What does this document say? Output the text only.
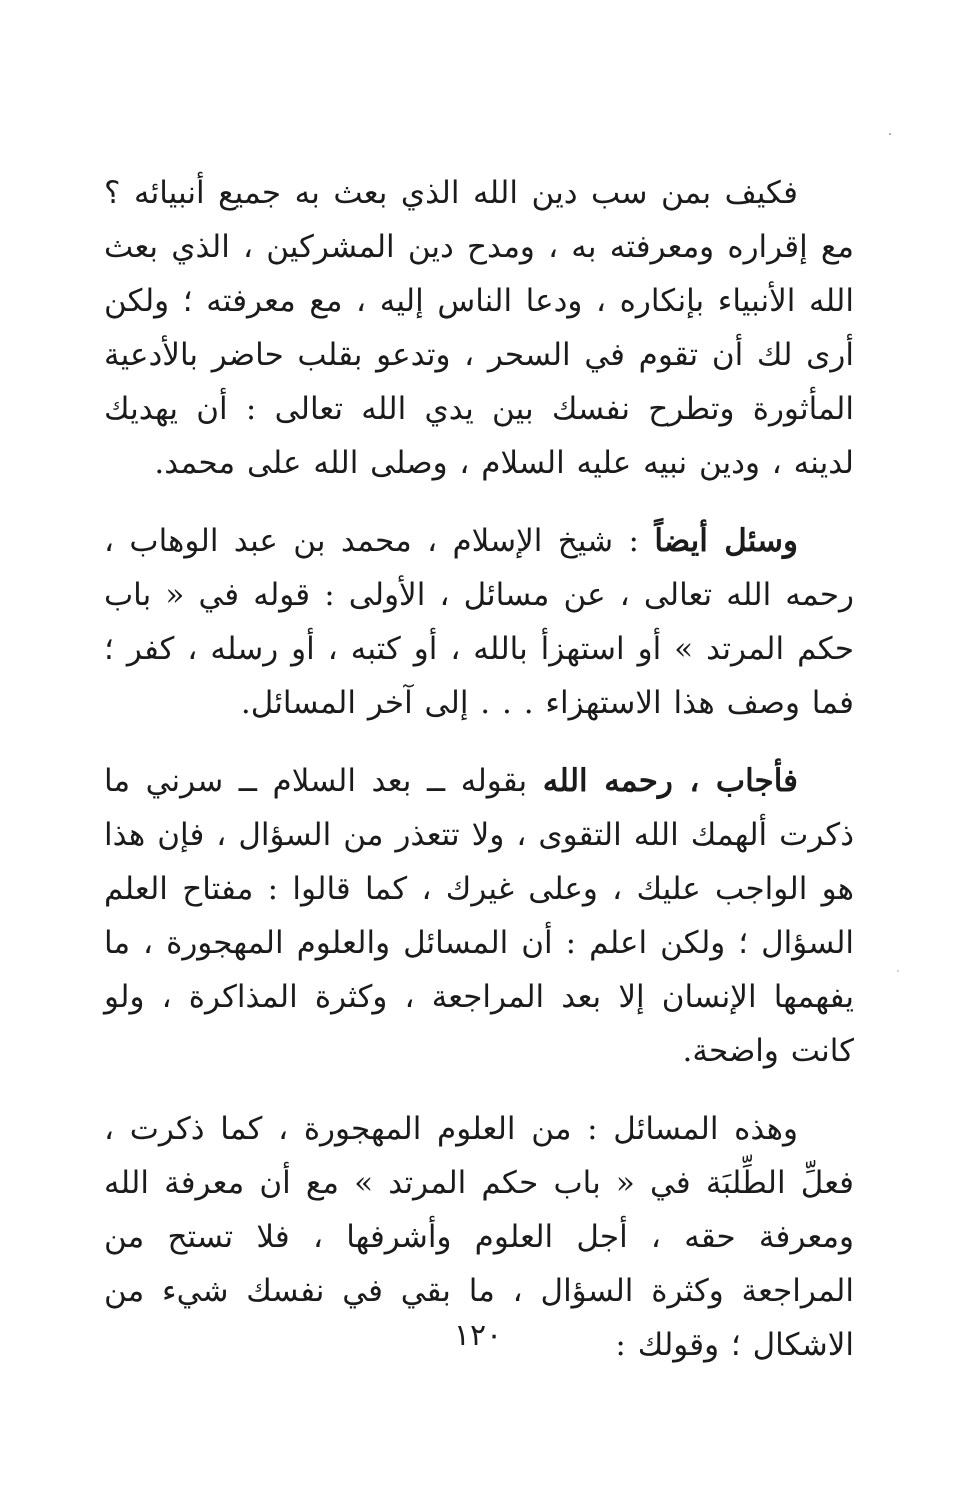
فكيف بمن سب دين الله الذي بعث به جميع أنبيائه ؟ مع إقراره ومعرفته به ، ومدح دين المشركين ، الذي بعث الله الأنبياء بإنكاره ، ودعا الناس إليه ، مع معرفته ؛ ولكن أرى لك أن تقوم في السحر ، وتدعو بقلب حاضر بالأدعية المأثورة وتطرح نفسك بين يدي الله تعالى : أن يهديك لدينه ، ودين نبيه عليه السلام ، وصلى الله على محمد.

وسئل أيضاً : شيخ الإسلام ، محمد بن عبد الوهاب ، رحمه الله تعالى ، عن مسائل ، الأولى : قوله في « باب حكم المرتد » أو استهزأ بالله ، أو كتبه ، أو رسله ، كفر ؛ فما وصف هذا الاستهزاء . . . إلى آخر المسائل.

فأجاب ، رحمه الله بقوله ــ بعد السلام ــ سرني ما ذكرت ألهمك الله التقوى ، ولا تتعذر من السؤال ، فإن هذا هو الواجب عليك ، وعلى غيرك ، كما قالوا : مفتاح العلم السؤال ؛ ولكن اعلم : أن المسائل والعلوم المهجورة ، ما يفهمها الإنسان إلا بعد المراجعة ، وكثرة المذاكرة ، ولو كانت واضحة.

وهذه المسائل : من العلوم المهجورة ، كما ذكرت ، فعلِّ الطِّلبَة في « باب حكم المرتد » مع أن معرفة الله ومعرفة حقه ، أجل العلوم وأشرفها ، فلا تستح من المراجعة وكثرة السؤال ، ما بقي في نفسك شيء من الاشكال ؛ وقولك :

١٢٠
